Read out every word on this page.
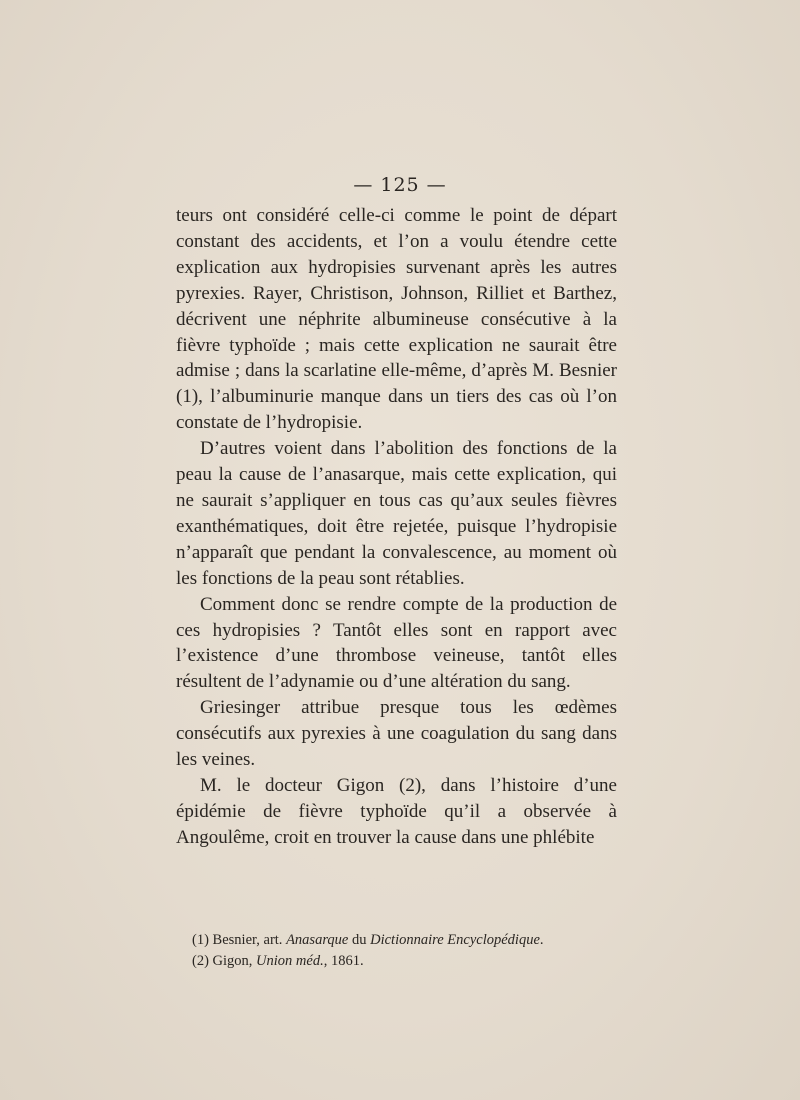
— 125 —

teurs ont considéré celle-ci comme le point de départ constant des accidents, et l’on a voulu étendre cette explication aux hydropisies survenant après les autres pyrexies. Rayer, Christison, Johnson, Rilliet et Barthez, décrivent une néphrite albumineuse consécutive à la fièvre typhoïde ; mais cette explication ne saurait être admise ; dans la scarlatine elle-même, d’après M. Besnier (1), l’albuminurie manque dans un tiers des cas où l’on constate de l’hydropisie.

D’autres voient dans l’abolition des fonctions de la peau la cause de l’anasarque, mais cette explication, qui ne saurait s’appliquer en tous cas qu’aux seules fièvres exanthématiques, doit être rejetée, puisque l’hydropisie n’apparaît que pendant la convalescence, au moment où les fonctions de la peau sont rétablies.

Comment donc se rendre compte de la production de ces hydropisies ? Tantôt elles sont en rapport avec l’existence d’une thrombose veineuse, tantôt elles résultent de l’adynamie ou d’une altération du sang.

Griesinger attribue presque tous les œdèmes consécutifs aux pyrexies à une coagulation du sang dans les veines.

M. le docteur Gigon (2), dans l’histoire d’une épidémie de fièvre typhoïde qu’il a observée à Angoulême, croit en trouver la cause dans une phlébite

(1) Besnier, art. Anasarque du Dictionnaire Encyclopédique.
(2) Gigon, Union méd., 1861.
